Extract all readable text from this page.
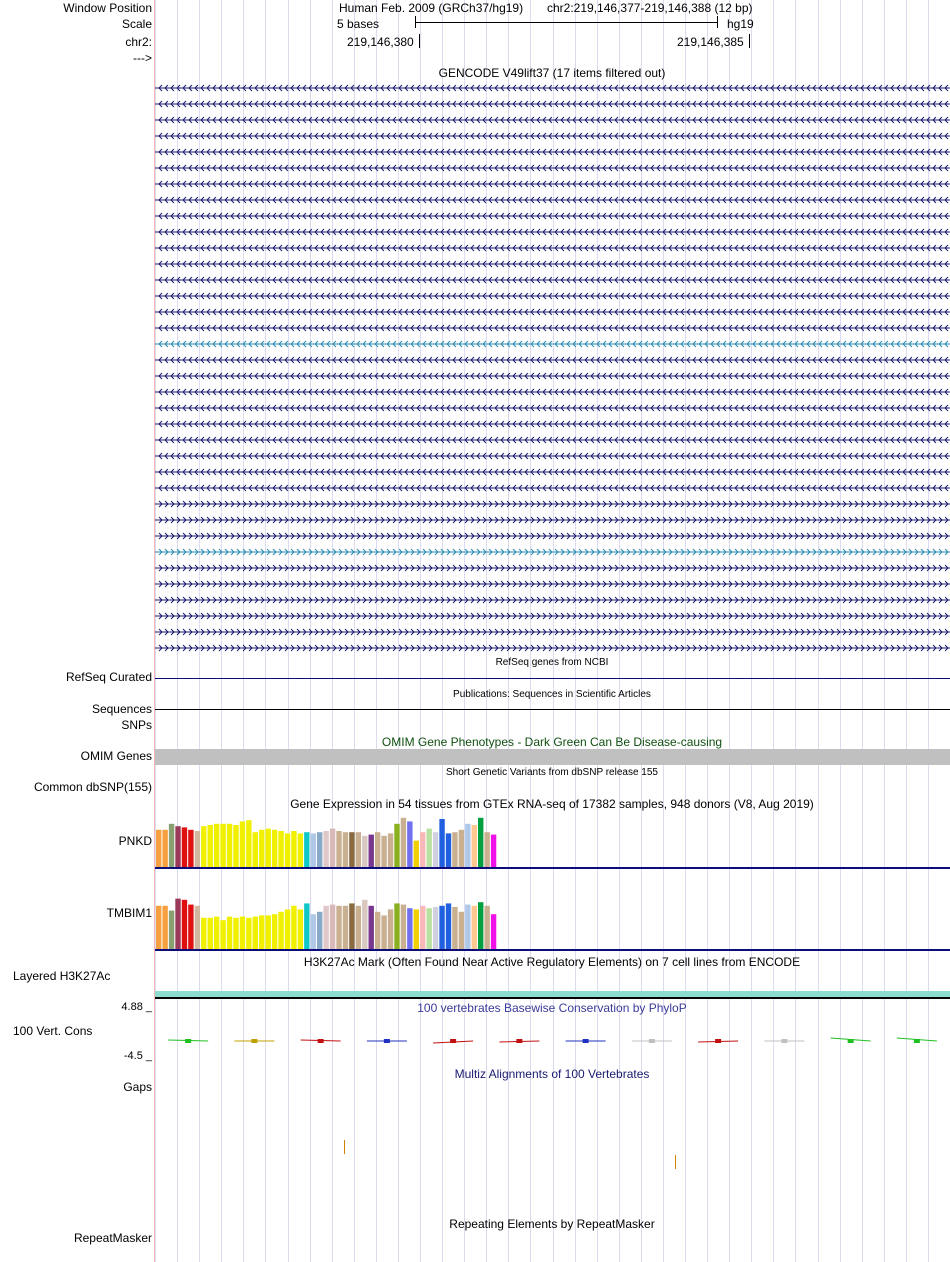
Window Position
Scale
chr2:
--->
RefSeq Curated
Sequences
SNPs
OMIM Genes
Common dbSNP(155)
PNKD
TMBIM1
Layered H3K27Ac
4.88 _
100 Vert. Cons
-4.5 _
Gaps
RepeatMasker
Human Feb. 2009 (GRCh37/hg19) chr2:219,146,377-219,146,388 (12 bp)
5 bases	hg19
219,146,380	219,146,385
GENCODE V49lift37 (17 items filtered out)
RefSeq genes from NCBI
Publications: Sequences in Scientific Articles
OMIM Gene Phenotypes - Dark Green Can Be Disease-causing
Short Genetic Variants from dbSNP release 155
Gene Expression in 54 tissues from GTEx RNA-seq of 17382 samples, 948 donors (V8, Aug 2019)
H3K27Ac Mark (Often Found Near Active Regulatory Elements) on 7 cell lines from ENCODE
100 vertebrates Basewise Conservation by PhyloP
Multiz Alignments of 100 Vertebrates
Repeating Elements by RepeatMasker
